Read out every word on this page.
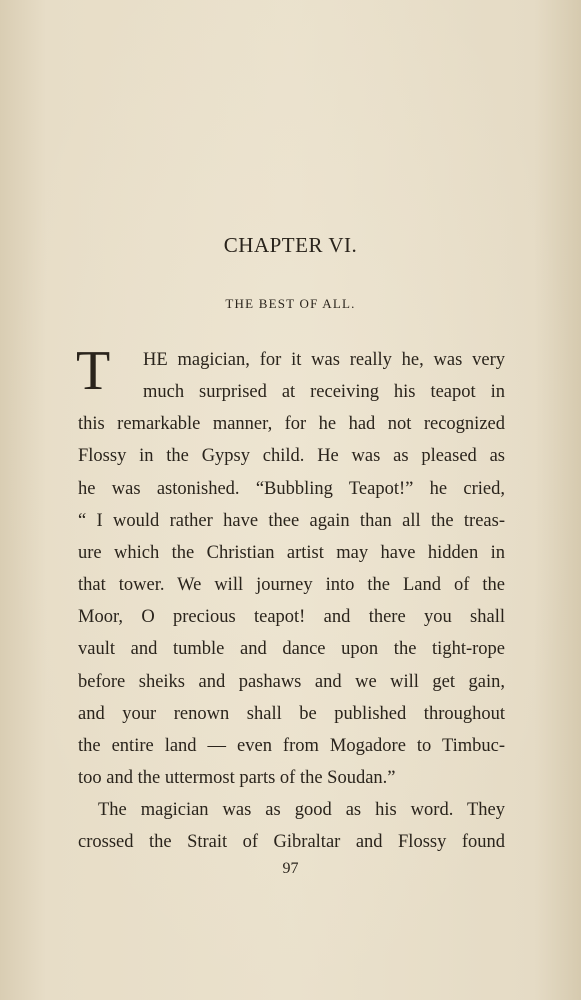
CHAPTER VI.
THE BEST OF ALL.
T HE magician, for it was really he, was very
much surprised at receiving his teapot in
this remarkable manner, for he had not recognized
Flossy in the Gypsy child. He was as pleased as
he was astonished. “Bubbling Teapot!” he cried,
“ I would rather have thee again than all the treas-
ure which the Christian artist may have hidden in
that tower. We will journey into the Land of the
Moor, O precious teapot! and there you shall
vault and tumble and dance upon the tight-rope
before sheiks and pashaws and we will get gain,
and your renown shall be published throughout
the entire land — even from Mogadore to Timbuc-
too and the uttermost parts of the Soudan.”
The magician was as good as his word. They
crossed the Strait of Gibraltar and Flossy found

97
